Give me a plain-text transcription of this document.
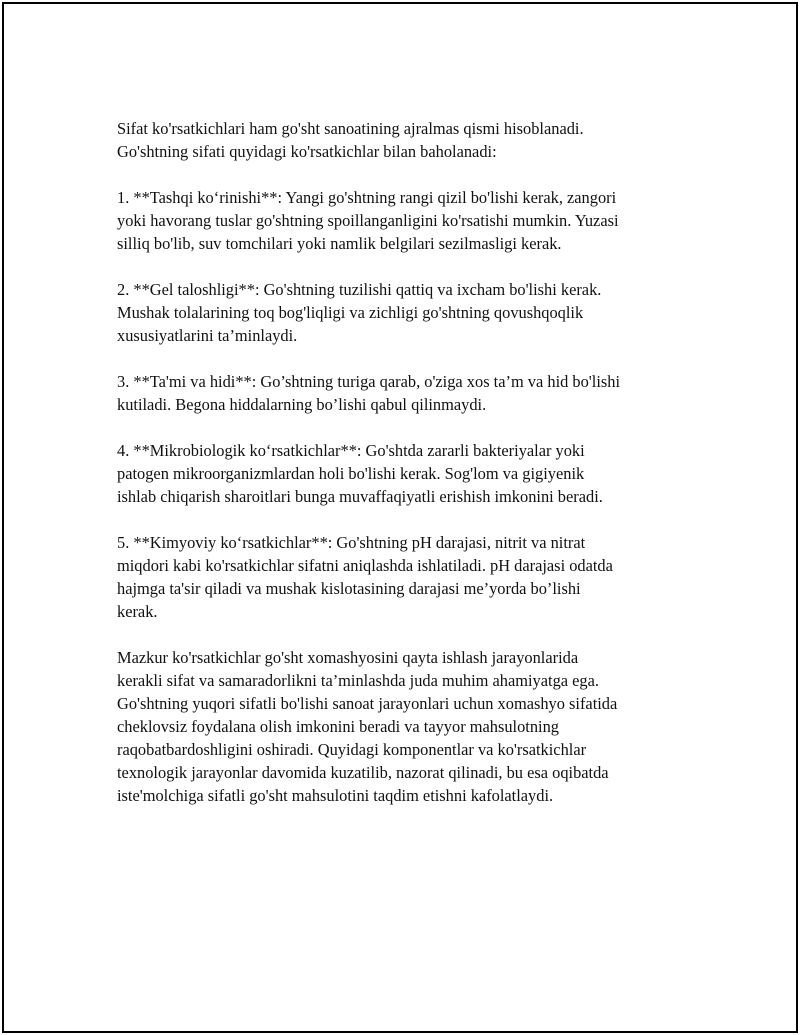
Sifat ko'rsatkichlari ham go'sht sanoatining ajralmas qismi hisoblanadi.
Go'shtning sifati quyidagi ko'rsatkichlar bilan baholanadi:

1. **Tashqi ko‘rinishi**: Yangi go'shtning rangi qizil bo'lishi kerak, zangori
yoki havorang tuslar go'shtning spoillanganligini ko'rsatishi mumkin. Yuzasi
silliq bo'lib, suv tomchilari yoki namlik belgilari sezilmasligi kerak.

2. **Gel taloshligi**: Go'shtning tuzilishi qattiq va ixcham bo'lishi kerak.
Mushak tolalarining toq bog'liqligi va zichligi go'shtning qovushqoqlik
xususiyatlarini ta’minlaydi.

3. **Ta'mi va hidi**: Go’shtning turiga qarab, o'ziga xos ta’m va hid bo'lishi
kutiladi. Begona hiddalarning bo’lishi qabul qilinmaydi.

4. **Mikrobiologik ko‘rsatkichlar**: Go'shtda zararli bakteriyalar yoki
patogen mikroorganizmlardan holi bo'lishi kerak. Sog'lom va gigiyenik
ishlab chiqarish sharoitlari bunga muvaffaqiyatli erishish imkonini beradi.

5. **Kimyoviy ko‘rsatkichlar**: Go'shtning pH darajasi, nitrit va nitrat
miqdori kabi ko'rsatkichlar sifatni aniqlashda ishlatiladi. pH darajasi odatda
hajmga ta'sir qiladi va mushak kislotasining darajasi me’yorda bo’lishi
kerak.

Mazkur ko'rsatkichlar go'sht xomashyosini qayta ishlash jarayonlarida
kerakli sifat va samaradorlikni ta’minlashda juda muhim ahamiyatga ega.
Go'shtning yuqori sifatli bo'lishi sanoat jarayonlari uchun xomashyo sifatida
cheklovsiz foydalana olish imkonini beradi va tayyor mahsulotning
raqobatbardoshligini oshiradi. Quyidagi komponentlar va ko'rsatkichlar
texnologik jarayonlar davomida kuzatilib, nazorat qilinadi, bu esa oqibatda
iste'molchiga sifatli go'sht mahsulotini taqdim etishni kafolatlaydi.
